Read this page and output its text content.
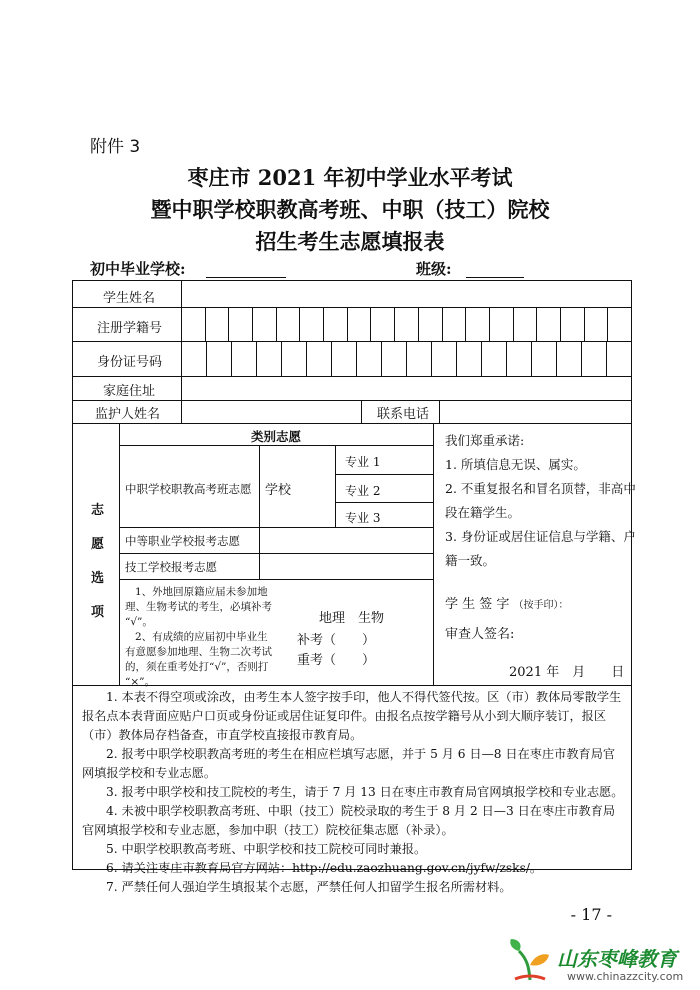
附件 3
枣庄市 2021 年初中学业水平考试
暨中职学校职教高考班、中职（技工）院校
招生考生志愿填报表
初中毕业学校:	班级:
学生姓名
注册学籍号
身份证号码
家庭住址
监护人姓名	联系电话
志
愿
选
项
类别志愿
中职学校职教高考班志愿 学校
专业 1
专业 2
专业 3
中等职业学校报考志愿
技工学校报考志愿
1、外地回原籍应届未参加地
理、生物考试的考生，必填补考
“√”。
2、有成绩的应届初中毕业生
有意愿参加地理、生物二次考试
的，须在重考处打“√”，否则打
“×”。
地理　生物
补考（　　）
重考（　　）
我们郑重承诺:
1. 所填信息无误、属实。
2. 不重复报名和冒名顶替，非高中
段在籍学生。
3. 身份证或居住证信息与学籍、户
籍一致。
学 生 签 字 （按手印）：
审查人签名:
2021 年　月　　日

1. 本表不得空项或涂改，由考生本人签字按手印，他人不得代签代按。区（市）教体局零散学生报名点本表背面应贴户口页或身份证或居住证复印件。由报名点按学籍号从小到大顺序装订，报区（市）教体局存档备查，市直学校直接报市教育局。

2. 报考中职学校职教高考班的考生在相应栏填写志愿，并于 5 月 6 日—8 日在枣庄市教育局官网填报学校和专业志愿。

3. 报考中职学校和技工院校的考生，请于 7 月 13 日在枣庄市教育局官网填报学校和专业志愿。

4. 未被中职学校职教高考班、中职（技工）院校录取的考生于 8 月 2 日—3 日在枣庄市教育局官网填报学校和专业志愿，参加中职（技工）院校征集志愿（补录）。

5. 中职学校职教高考班、中职学校和技工院校可同时兼报。

6. 请关注枣庄市教育局官方网站：http://edu.zaozhuang.gov.cn/jyfw/zsks/。

7. 严禁任何人强迫学生填报某个志愿，严禁任何人扣留学生报名所需材料。

- 17 -
山东枣峰教育
www.chinazzcity.com
